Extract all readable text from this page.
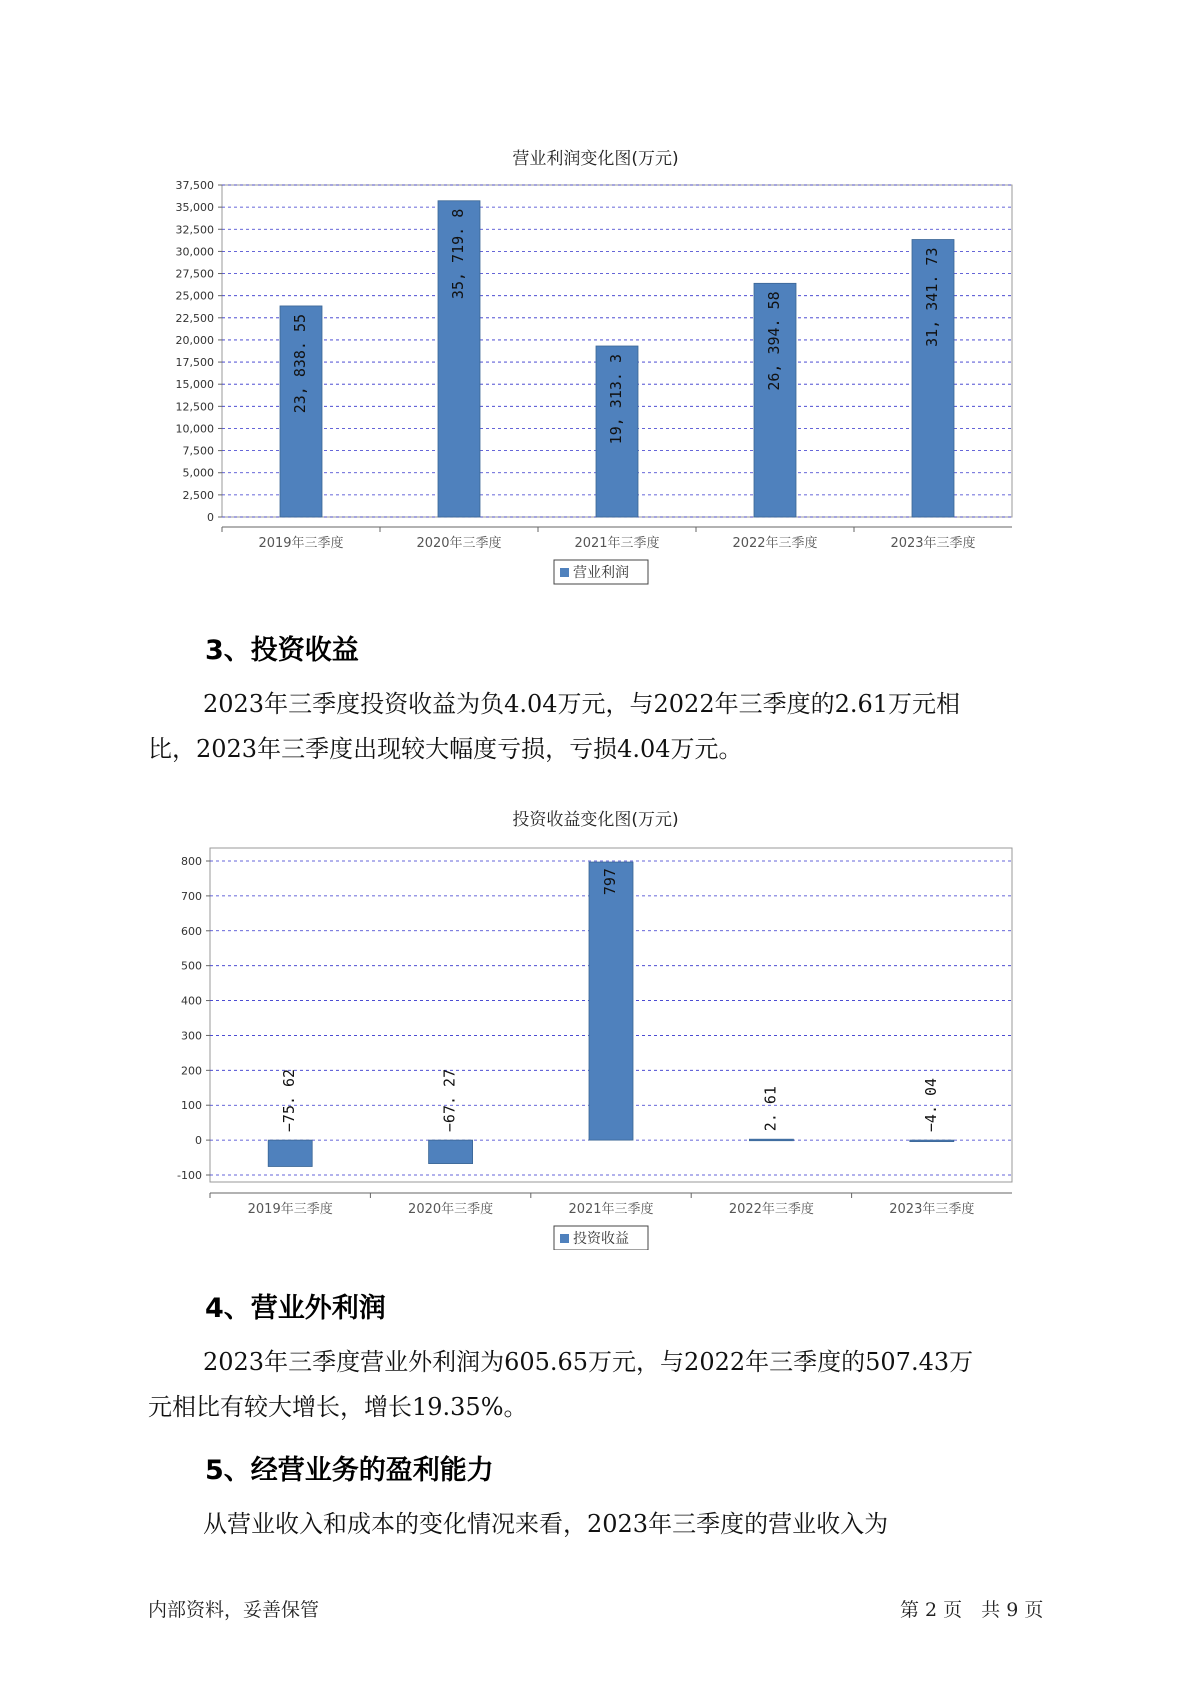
营业利润变化图(万元)
0
2,500
5,000
7,500
10,000
12,500
15,000
17,500
20,000
22,500
25,000
27,500
30,000
32,500
35,000
37,500
2019年三季度
23, 838. 55
2020年三季度
35, 719. 8
2021年三季度
19, 313. 3
2022年三季度
26, 394. 58
2023年三季度
31, 341. 73
营业利润
3、投资收益
2023年三季度投资收益为负4.04万元，与2022年三季度的2.61万元相
比，2023年三季度出现较大幅度亏损，亏损4.04万元。
投资收益变化图(万元)
-100
0
100
200
300
400
500
600
700
800
2019年三季度
−75. 62
2020年三季度
−67. 27
2021年三季度
797
2022年三季度
2. 61
2023年三季度
−4. 04
投资收益
4、营业外利润
2023年三季度营业外利润为605.65万元，与2022年三季度的507.43万
元相比有较大增长，增长19.35%。
5、经营业务的盈利能力
从营业收入和成本的变化情况来看，2023年三季度的营业收入为
内部资料，妥善保管	第 2 页　共 9 页
